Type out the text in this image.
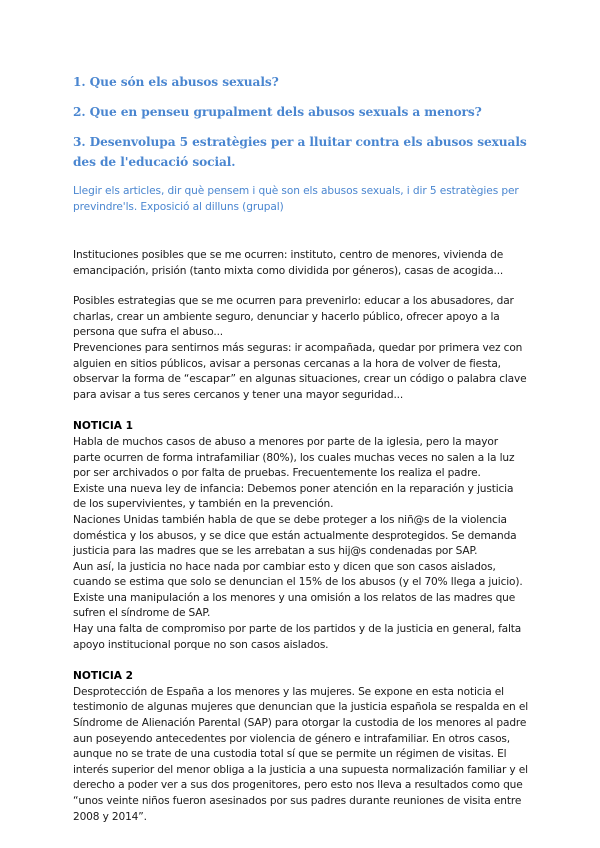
1. Que són els abusos sexuals?
2. Que en penseu grupalment dels abusos sexuals a menors?
3. Desenvolupa 5 estratègies per a lluitar contra els abusos sexuals des de l'educació social.
Llegir els articles, dir què pensem i què son els abusos sexuals, i dir 5 estratègies per previndre'ls. Exposició al dilluns (grupal)

Instituciones posibles que se me ocurren: instituto, centro de menores, vivienda de emancipación, prisión (tanto mixta como dividida por géneros), casas de acogida...

Posibles estrategias que se me ocurren para prevenirlo: educar a los abusadores, dar charlas, crear un ambiente seguro, denunciar y hacerlo público, ofrecer apoyo a la persona que sufra el abuso...

Prevenciones para sentirnos más seguras: ir acompañada, quedar por primera vez con alguien en sitios públicos, avisar a personas cercanas a la hora de volver de fiesta, observar la forma de “escapar” en algunas situaciones, crear un código o palabra clave para avisar a tus seres cercanos y tener una mayor seguridad...

NOTICIA 1

Habla de muchos casos de abuso a menores por parte de la iglesia, pero la mayor parte ocurren de forma intrafamiliar (80%), los cuales muchas veces no salen a la luz por ser archivados o por falta de pruebas. Frecuentemente los realiza el padre.

Existe una nueva ley de infancia: Debemos poner atención en la reparación y justicia de los supervivientes, y también en la prevención.

Naciones Unidas también habla de que se debe proteger a los niñ@s de la violencia doméstica y los abusos, y se dice que están actualmente desprotegidos. Se demanda justicia para las madres que se les arrebatan a sus hij@s condenadas por SAP.

Aun así, la justicia no hace nada por cambiar esto y dicen que son casos aislados, cuando se estima que solo se denuncian el 15% de los abusos (y el 70% llega a juicio).

Existe una manipulación a los menores y una omisión a los relatos de las madres que sufren el síndrome de SAP.

Hay una falta de compromiso por parte de los partidos y de la justicia en general, falta apoyo institucional porque no son casos aislados.

NOTICIA 2

Desprotección de España a los menores y las mujeres. Se expone en esta noticia el testimonio de algunas mujeres que denuncian que la justicia española se respalda en el Síndrome de Alienación Parental (SAP) para otorgar la custodia de los menores al padre aun poseyendo antecedentes por violencia de género e intrafamiliar. En otros casos, aunque no se trate de una custodia total sí que se permite un régimen de visitas. El interés superior del menor obliga a la justicia a una supuesta normalización familiar y el derecho a poder ver a sus dos progenitores, pero esto nos lleva a resultados como que “unos veinte niños fueron asesinados por sus padres durante reuniones de visita entre 2008 y 2014”.
